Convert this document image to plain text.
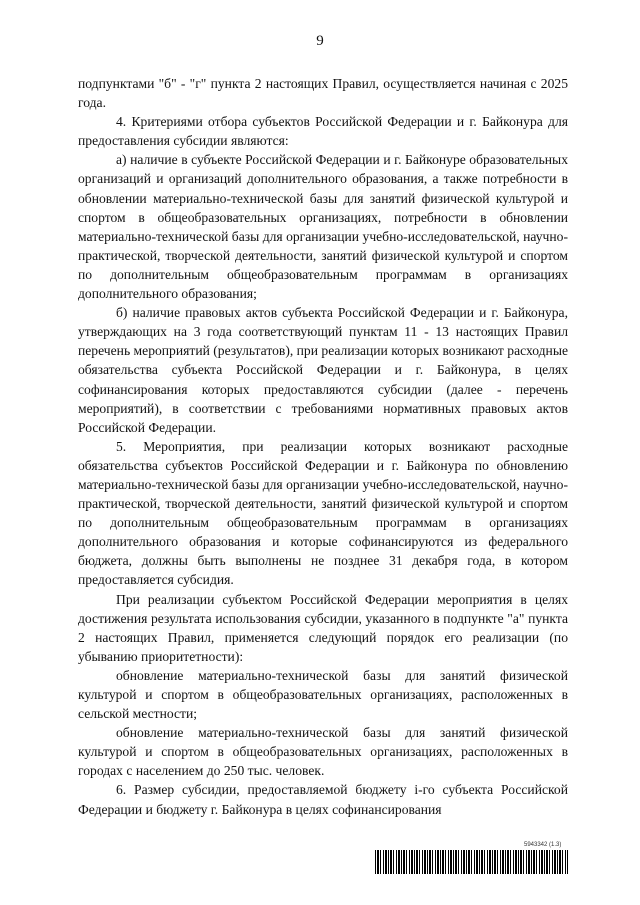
9

подпунктами "б" - "г" пункта 2 настоящих Правил, осуществляется начиная с 2025 года.

4. Критериями отбора субъектов Российской Федерации и г. Байконура для предоставления субсидии являются:

а) наличие в субъекте Российской Федерации и г. Байконуре образовательных организаций и организаций дополнительного образования, а также потребности в обновлении материально-технической базы для занятий физической культурой и спортом в общеобразовательных организациях, потребности в обновлении материально-технической базы для организации учебно-исследовательской, научно-практической, творческой деятельности, занятий физической культурой и спортом по дополнительным общеобразовательным программам в организациях дополнительного образования;

б) наличие правовых актов субъекта Российской Федерации и г. Байконура, утверждающих на 3 года соответствующий пунктам 11 - 13 настоящих Правил перечень мероприятий (результатов), при реализации которых возникают расходные обязательства субъекта Российской Федерации и г. Байконура, в целях софинансирования которых предоставляются субсидии (далее - перечень мероприятий), в соответствии с требованиями нормативных правовых актов Российской Федерации.

5. Мероприятия, при реализации которых возникают расходные обязательства субъектов Российской Федерации и г. Байконура по обновлению материально-технической базы для организации учебно-исследовательской, научно-практической, творческой деятельности, занятий физической культурой и спортом по дополнительным общеобразовательным программам в организациях дополнительного образования и которые софинансируются из федерального бюджета, должны быть выполнены не позднее 31 декабря года, в котором предоставляется субсидия.

При реализации субъектом Российской Федерации мероприятия в целях достижения результата использования субсидии, указанного в подпункте "а" пункта 2 настоящих Правил, применяется следующий порядок его реализации (по убыванию приоритетности):

обновление материально-технической базы для занятий физической культурой и спортом в общеобразовательных организациях, расположенных в сельской местности;

обновление материально-технической базы для занятий физической культурой и спортом в общеобразовательных организациях, расположенных в городах с населением до 250 тыс. человек.

6. Размер субсидии, предоставляемой бюджету i-го субъекта Российской Федерации и бюджету г. Байконура в целях софинансирования

5943342 (1.3)
